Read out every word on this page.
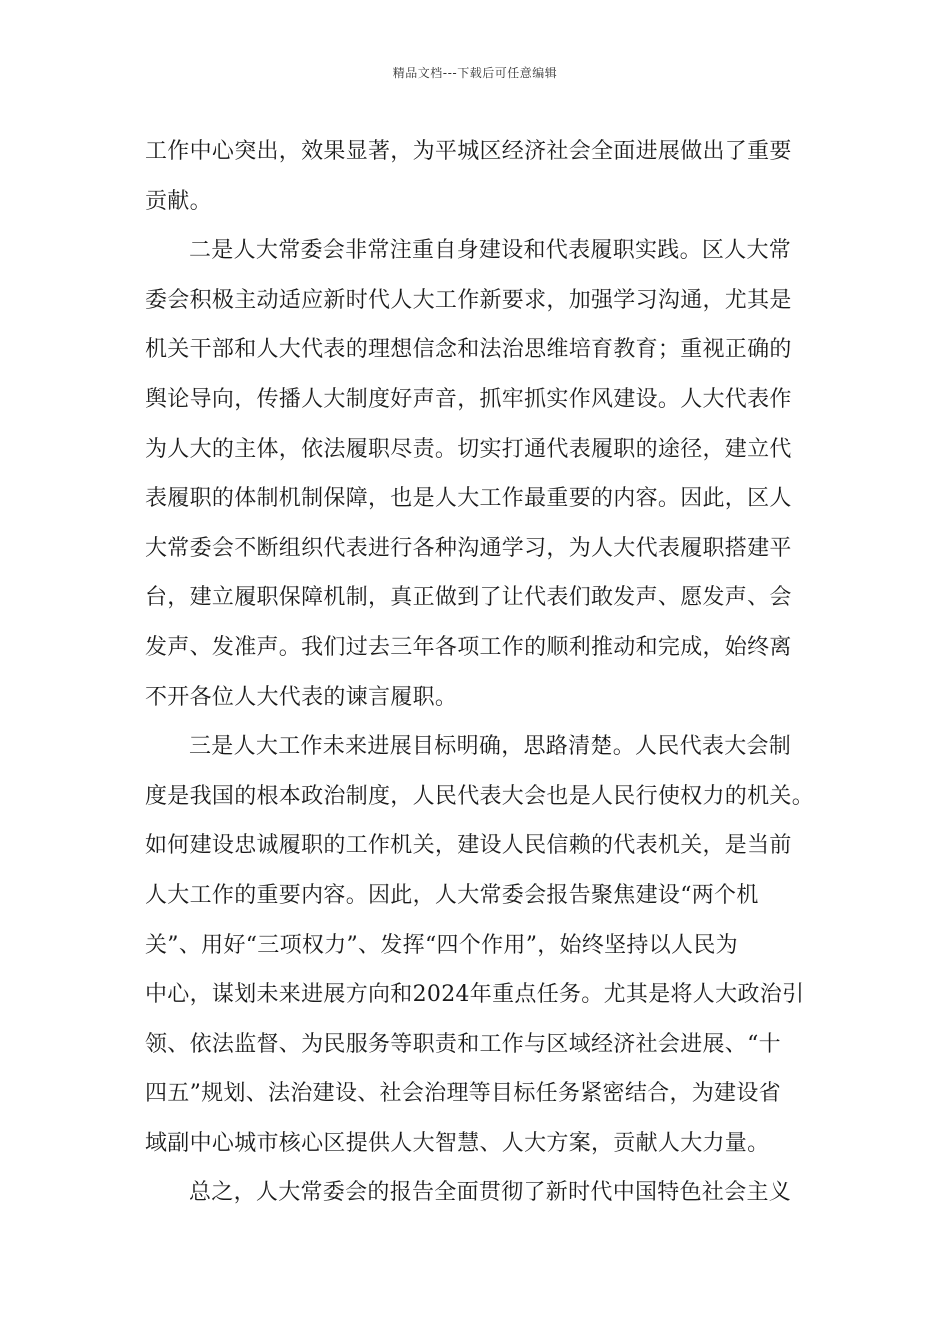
精品文档---下载后可任意编辑
工作中心突出，效果显著，为平城区经济社会全面进展做出了重要
贡献。
二是人大常委会非常注重自身建设和代表履职实践。区人大常
委会积极主动适应新时代人大工作新要求，加强学习沟通，尤其是
机关干部和人大代表的理想信念和法治思维培育教育；重视正确的
舆论导向，传播人大制度好声音，抓牢抓实作风建设。人大代表作
为人大的主体，依法履职尽责。切实打通代表履职的途径，建立代
表履职的体制机制保障，也是人大工作最重要的内容。因此，区人
大常委会不断组织代表进行各种沟通学习，为人大代表履职搭建平
台，建立履职保障机制，真正做到了让代表们敢发声、愿发声、会
发声、发准声。我们过去三年各项工作的顺利推动和完成，始终离
不开各位人大代表的谏言履职。
三是人大工作未来进展目标明确，思路清楚。人民代表大会制
度是我国的根本政治制度，人民代表大会也是人民行使权力的机关。
如何建设忠诚履职的工作机关，建设人民信赖的代表机关，是当前
人大工作的重要内容。因此，人大常委会报告聚焦建设“两个机
关”、用好“三项权力”、发挥“四个作用”，始终坚持以人民为
中心，谋划未来进展方向和2024年重点任务。尤其是将人大政治引
领、依法监督、为民服务等职责和工作与区域经济社会进展、“十
四五”规划、法治建设、社会治理等目标任务紧密结合，为建设省
域副中心城市核心区提供人大智慧、人大方案，贡献人大力量。
总之，人大常委会的报告全面贯彻了新时代中国特色社会主义
